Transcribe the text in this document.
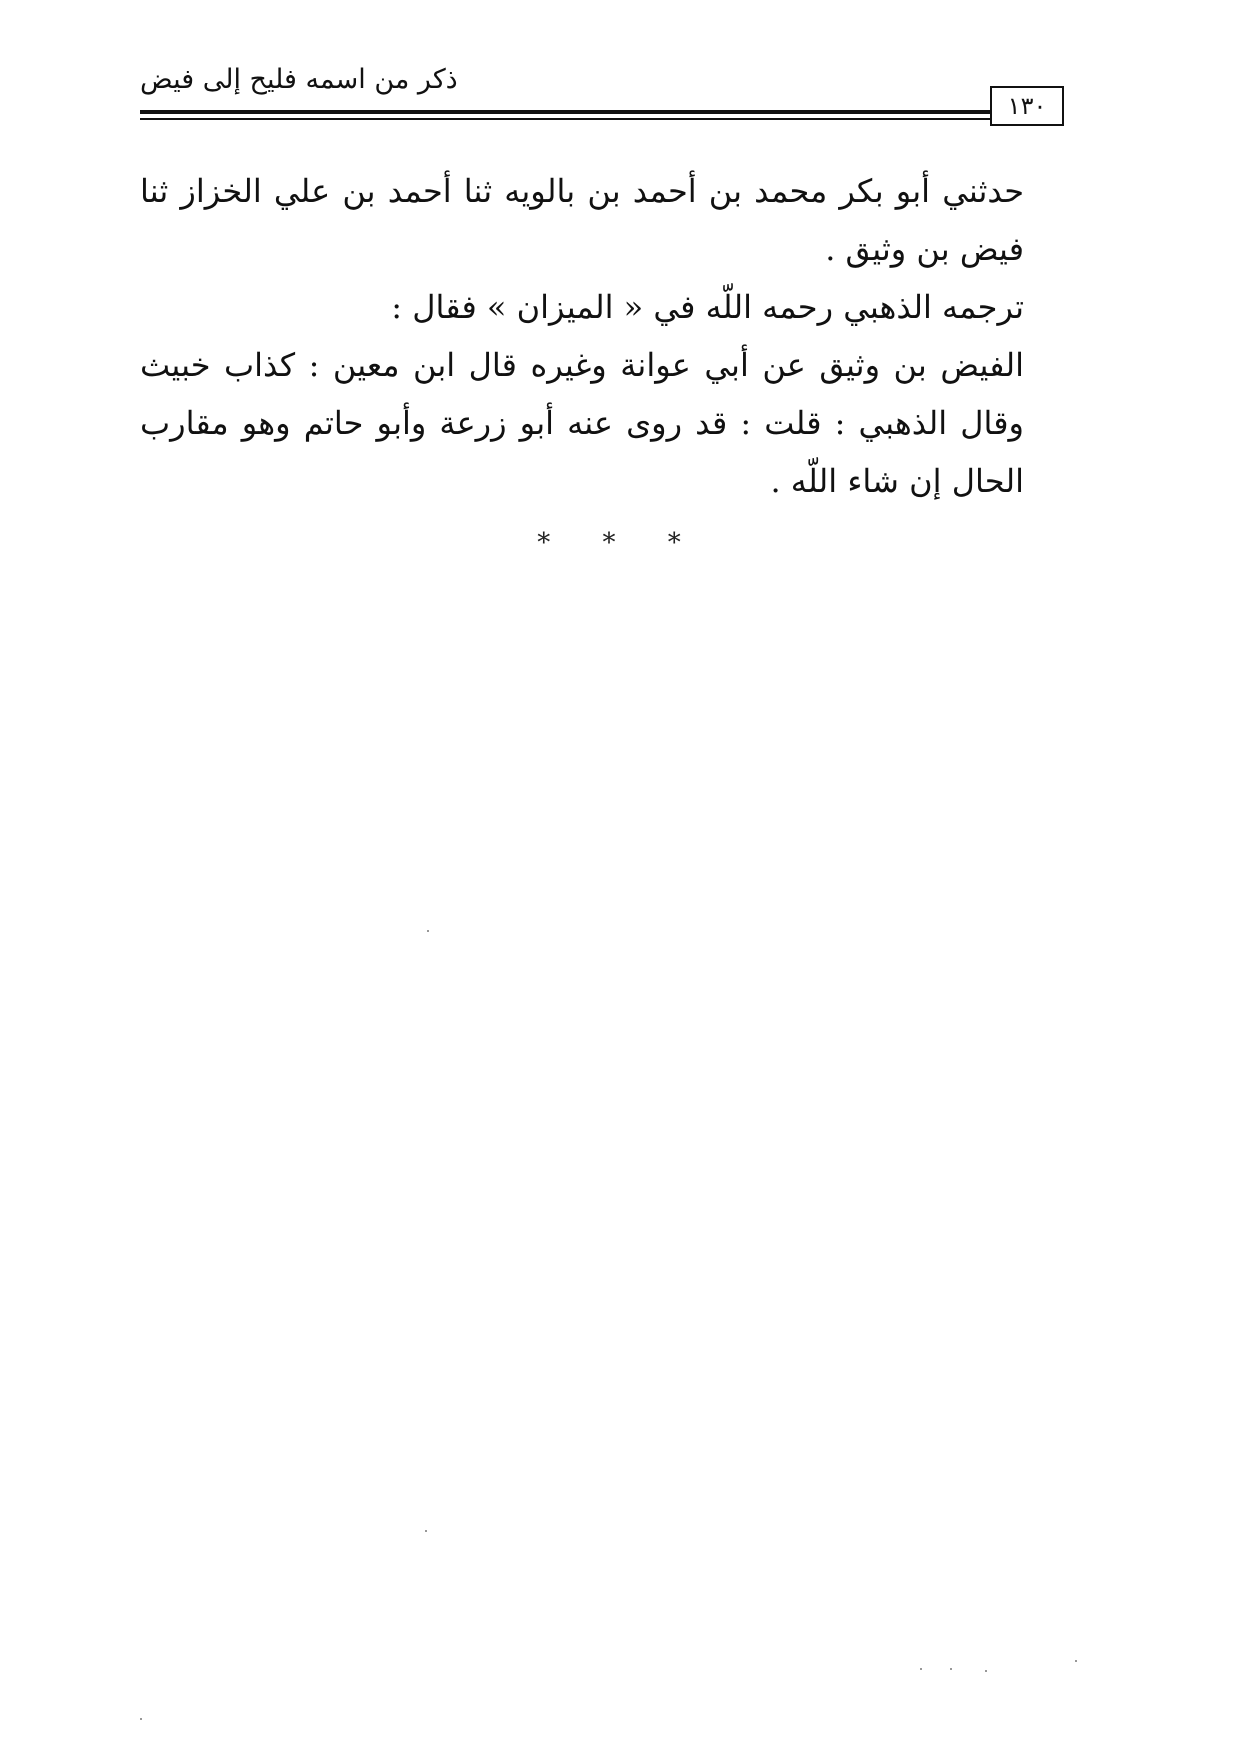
ذكر من اسمه فليح إلى فيض
١٣٠

حدثني أبو بكر محمد بن أحمد بن بالويه ثنا أحمد بن علي الخزاز ثنا فيض بن وثيق .

ترجمه الذهبي رحمه اللّه في « الميزان » فقال :

الفيض بن وثيق عن أبي عوانة وغيره قال ابن معين : كذاب خبيث وقال الذهبي : قلت : قد روى عنه أبو زرعة وأبو حاتم وهو مقارب الحال إن شاء اللّه .

* * *
